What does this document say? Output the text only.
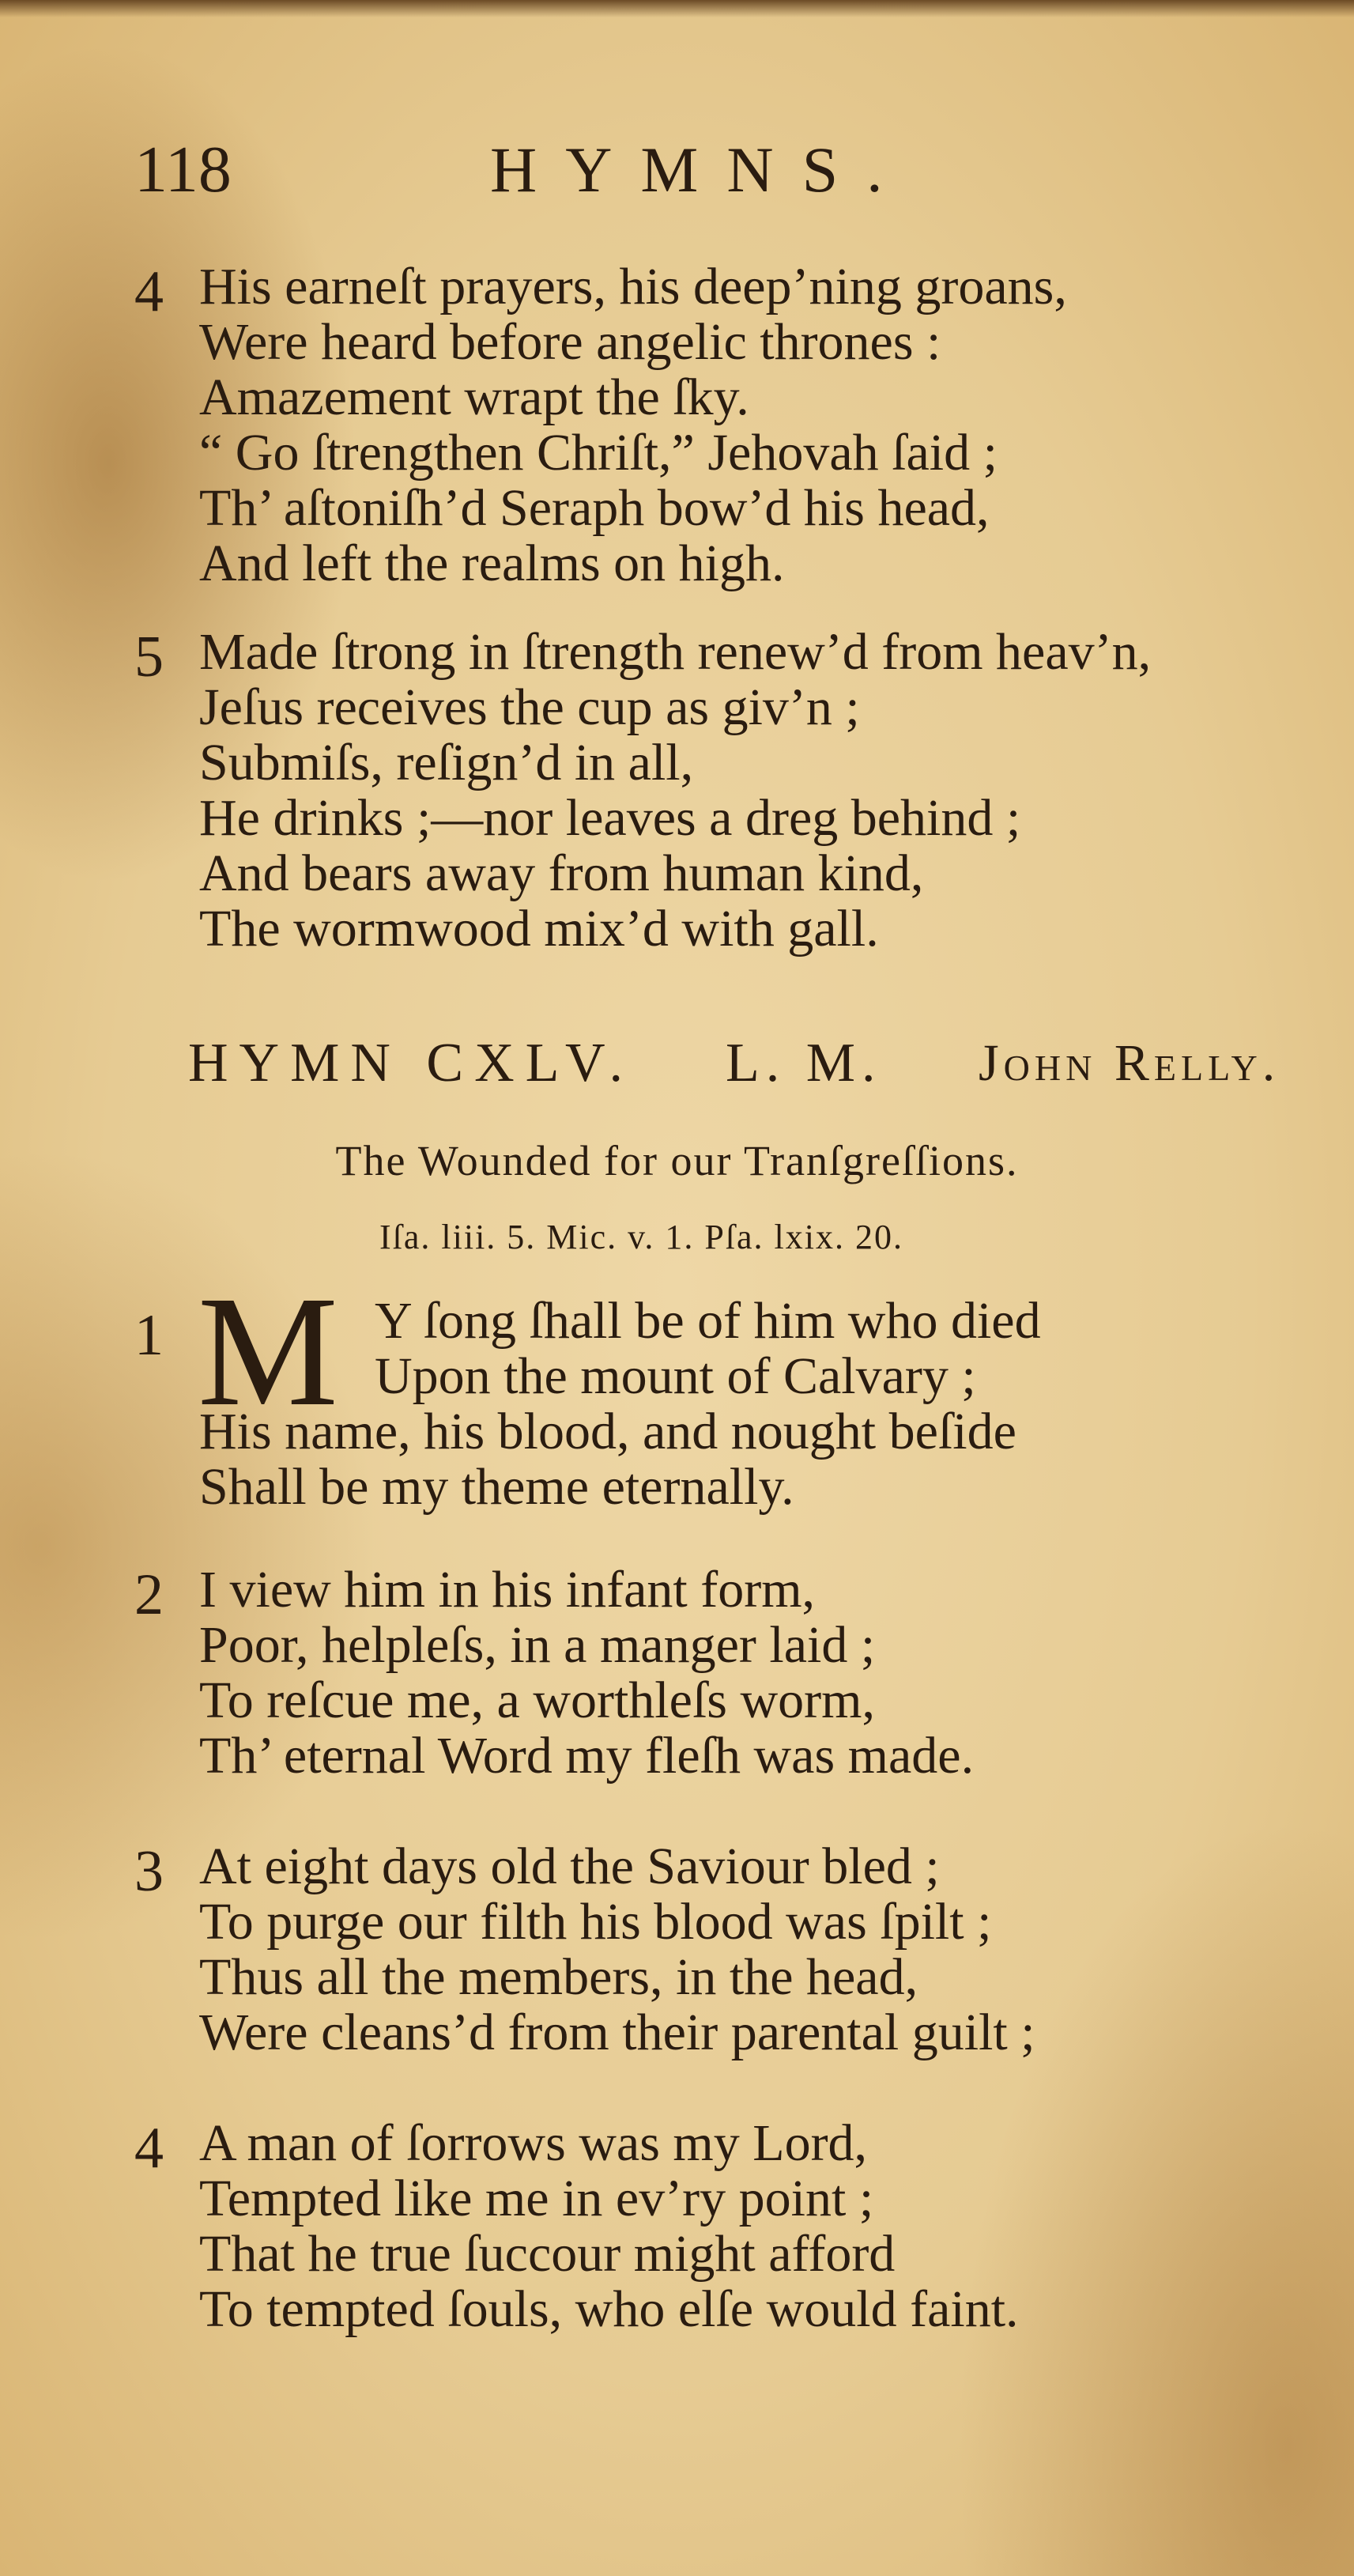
118	HYMNS.
4 His earneſt prayers, his deep’ning groans,
Were heard before angelic thrones :
Amazement wrapt the ſky.
“ Go ſtrengthen Chriſt,” Jehovah ſaid ;
Th’ aſtoniſh’d Seraph bow’d his head,
And left the realms on high.
5 Made ſtrong in ſtrength renew’d from heav’n,
Jeſus receives the cup as giv’n ;
Submiſs, reſign’d in all,
He drinks ;—nor leaves a dreg behind ;
And bears away from human kind,
The wormwood mix’d with gall.
HYMN CXLV. L. M. John Relly.
The Wounded for our Tranſgreſſions.
Iſa. liii. 5. Mic. v. 1. Pſa. lxix. 20.
1 M Y ſong ſhall be of him who died
Upon the mount of Calvary ;
His name, his blood, and nought beſide
Shall be my theme eternally.
2 I view him in his infant form,
Poor, helpleſs, in a manger laid ;
To reſcue me, a worthleſs worm,
Th’ eternal Word my fleſh was made.
3 At eight days old the Saviour bled ;
To purge our filth his blood was ſpilt ;
Thus all the members, in the head,
Were cleans’d from their parental guilt ;
4 A man of ſorrows was my Lord,
Tempted like me in ev’ry point ;
That he true ſuccour might afford
To tempted ſouls, who elſe would faint.
